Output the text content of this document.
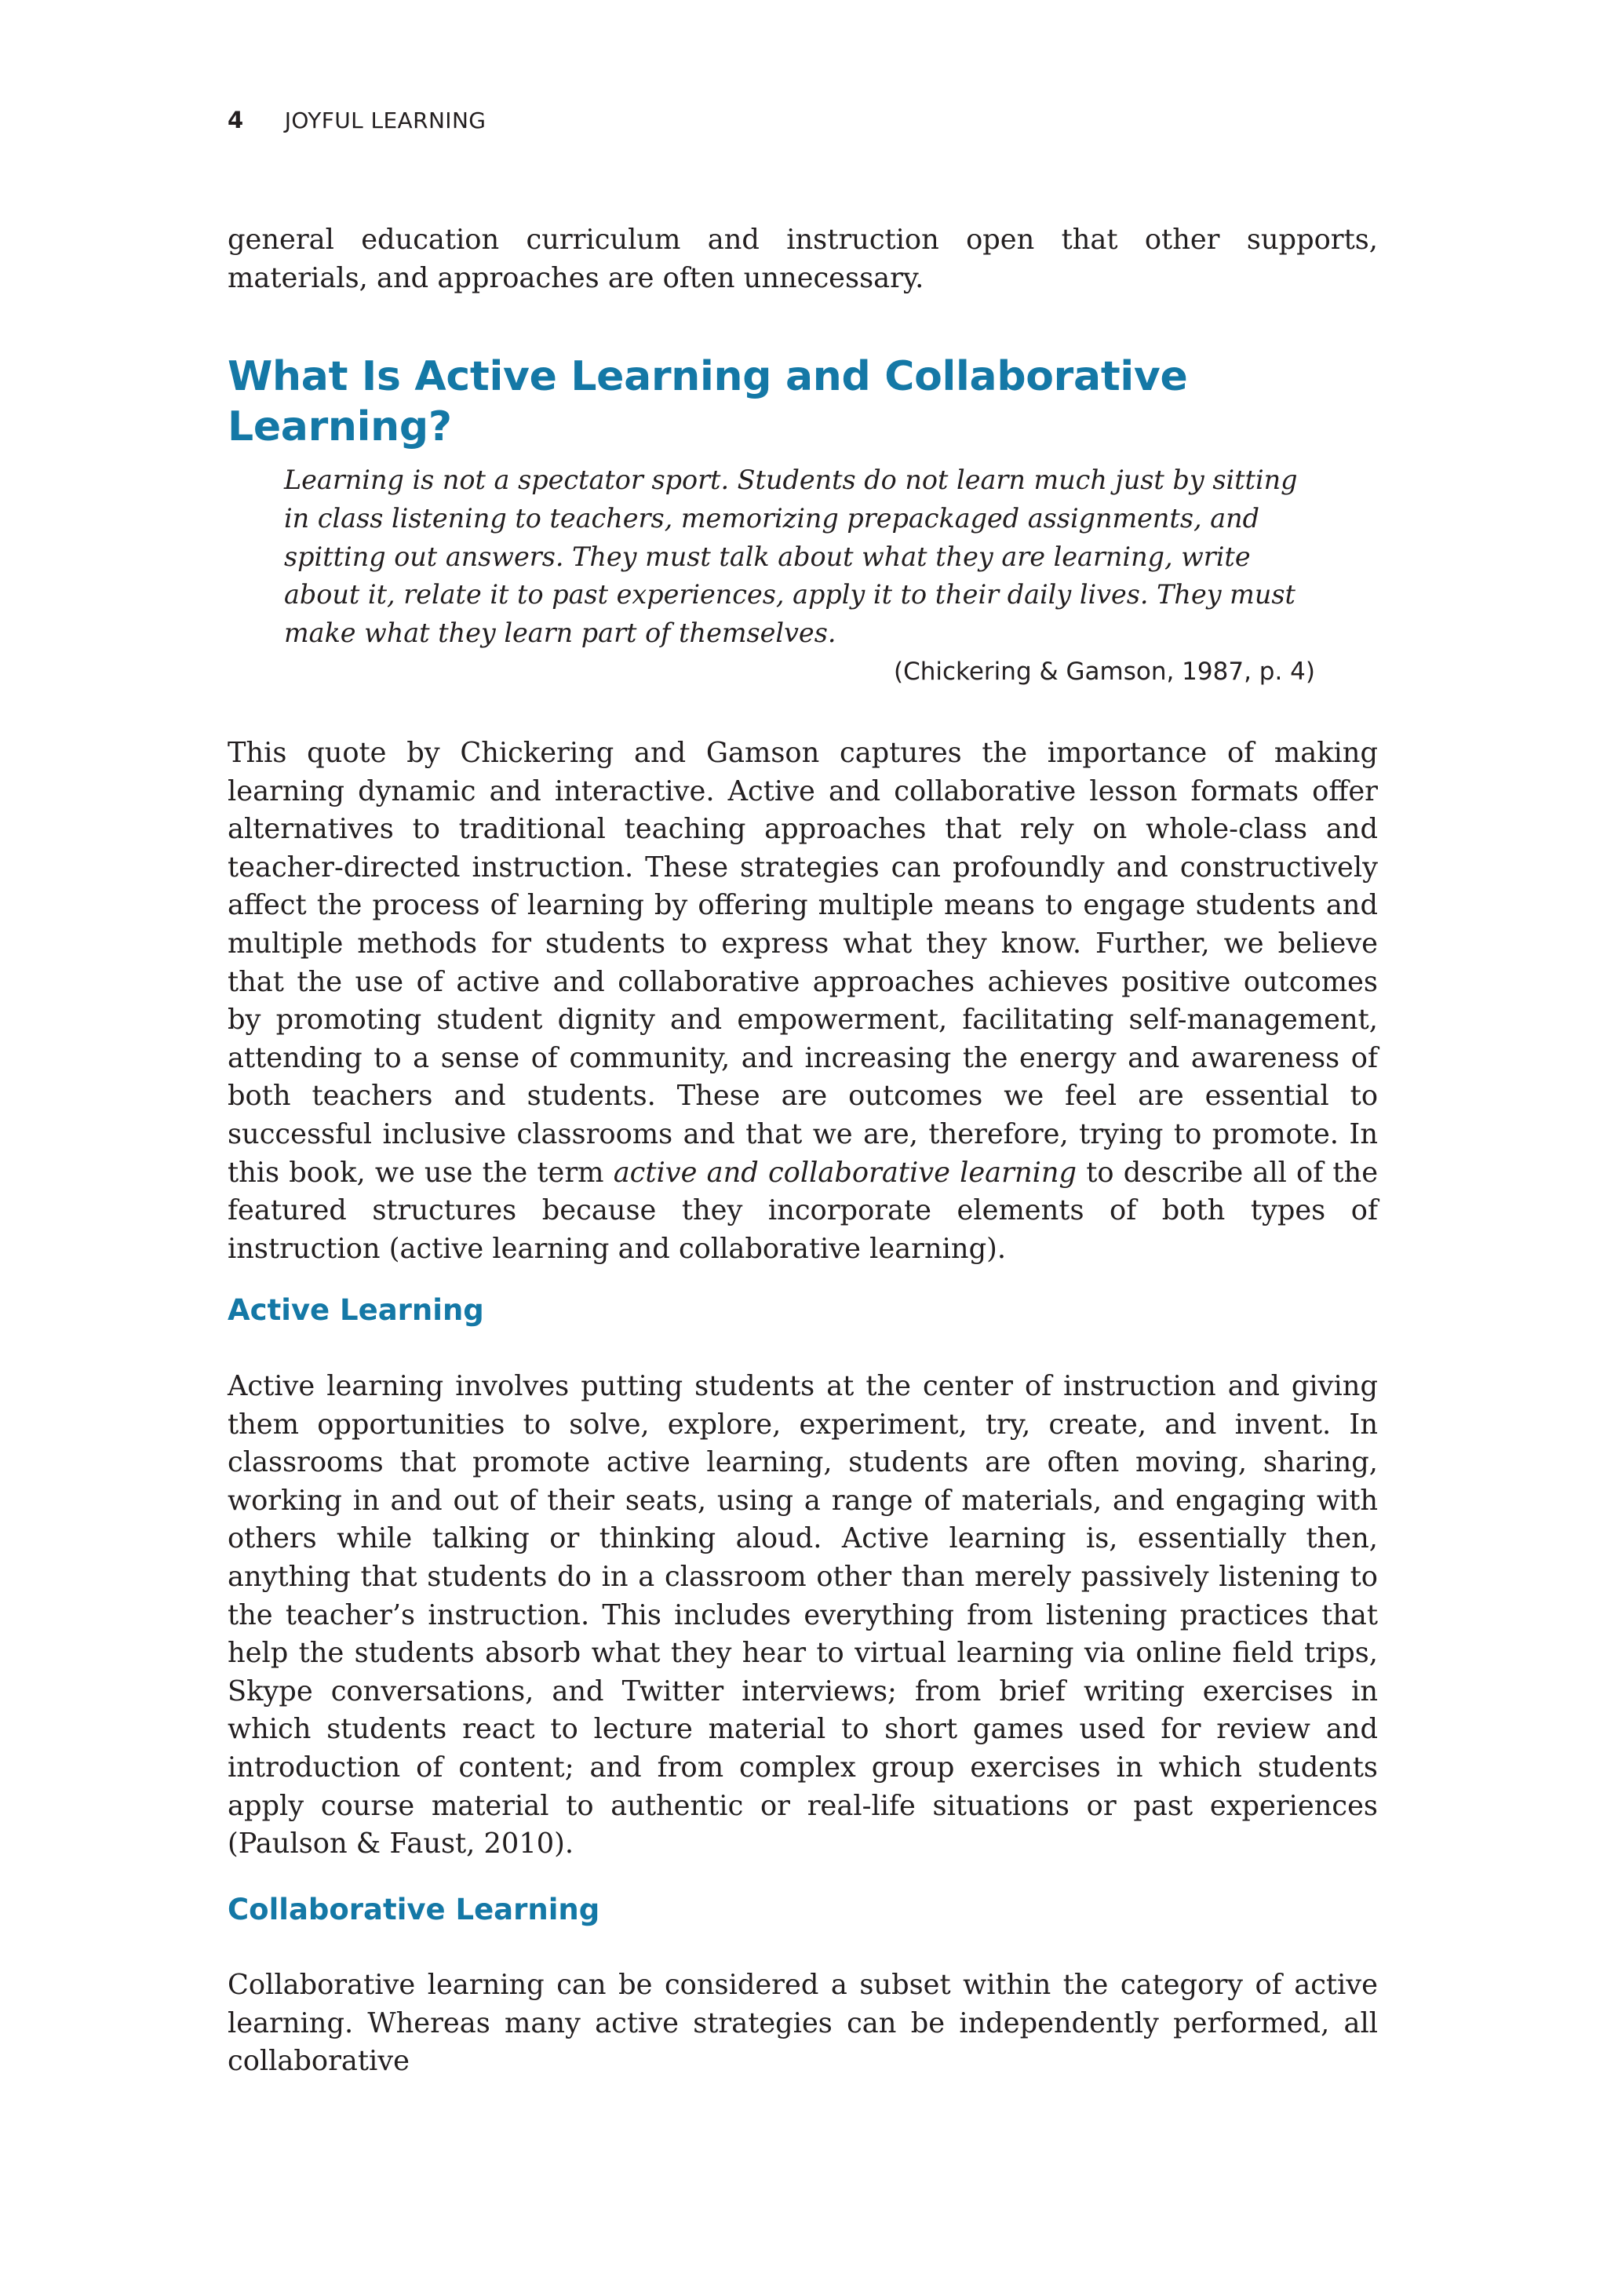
4 JOYFUL LEARNING

general education curriculum and instruction open that other supports, materials, and approaches are often unnecessary.

What Is Active Learning and Collaborative Learning?

Learning is not a spectator sport. Students do not learn much just by sitting in class listening to teachers, memorizing prepackaged assignments, and spitting out answers. They must talk about what they are learning, write about it, relate it to past experiences, apply it to their daily lives. They must make what they learn part of themselves.

(Chickering & Gamson, 1987, p. 4)

This quote by Chickering and Gamson captures the importance of making learning dynamic and interactive. Active and collaborative lesson formats offer alternatives to traditional teaching approaches that rely on whole-class and teacher-directed instruction. These strategies can profoundly and constructively affect the process of learning by offering multiple means to engage students and multiple methods for students to express what they know. Further, we believe that the use of active and collaborative approaches achieves positive outcomes by promoting student dignity and empowerment, facilitating self-management, attending to a sense of community, and increasing the energy and awareness of both teachers and students. These are outcomes we feel are essential to successful inclusive classrooms and that we are, therefore, trying to promote. In this book, we use the term active and collaborative learning to describe all of the featured structures because they incorporate elements of both types of instruction (active learning and collaborative learning).

Active Learning

Active learning involves putting students at the center of instruction and giving them opportunities to solve, explore, experiment, try, create, and invent. In classrooms that promote active learning, students are often moving, sharing, working in and out of their seats, using a range of materials, and engaging with others while talking or thinking aloud. Active learning is, essentially then, anything that students do in a classroom other than merely passively listening to the teacher’s instruction. This includes everything from listening practices that help the students absorb what they hear to virtual learning via online field trips, Skype conversations, and Twitter interviews; from brief writing exercises in which students react to lecture material to short games used for review and introduction of content; and from complex group exercises in which students apply course material to authentic or real-life situations or past experiences (Paulson & Faust, 2010).

Collaborative Learning

Collaborative learning can be considered a subset within the category of active learning. Whereas many active strategies can be independently performed, all collaborative
